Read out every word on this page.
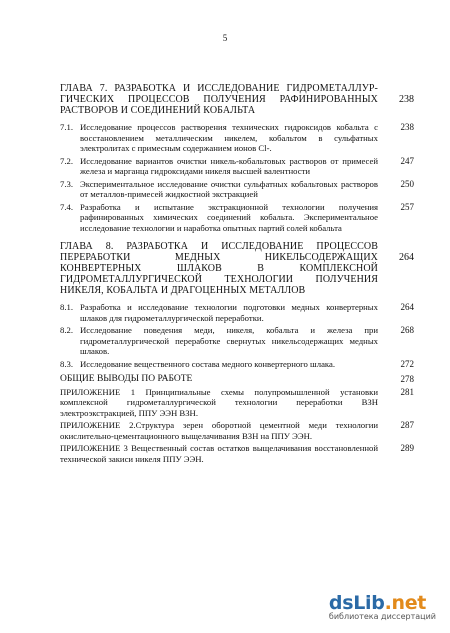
5
ГЛАВА 7. РАЗРАБОТКА И ИССЛЕДОВАНИЕ ГИДРОМЕТАЛЛУР-ГИЧЕСКИХ ПРОЦЕССОВ ПОЛУЧЕНИЯ РАФИНИРОВАННЫХ РАСТВОРОВ И СОЕДИНЕНИЙ КОБАЛЬТА
238
7.1. Исследование процессов растворения технических гидроксидов кобальта с восстановлением металлическим никелем, кобальтом в сульфатных электролитах с примесным содержанием ионов Сl-.
238
7.2. Исследование вариантов очистки никель-кобальтовых растворов от примесей железа и марганца гидроксидами никеля высшей валентности
247
7.3. Экспериментальное исследование очистки сульфатных кобальтовых растворов от металлов-примесей жидкостной экстракцией
250
7.4. Разработка и испытание экстракционной технологии получения рафинированных химических соединений кобальта. Экспериментальное исследование технологии и наработка опытных партий солей кобальта
257
ГЛАВА 8. РАЗРАБОТКА И ИССЛЕДОВАНИЕ ПРОЦЕССОВ ПЕРЕРАБОТКИ МЕДНЫХ НИКЕЛЬСОДЕРЖАЩИХ КОНВЕРТЕРНЫХ ШЛАКОВ В КОМПЛЕКСНОЙ ГИДРОМЕТАЛЛУРГИЧЕСКОЙ ТЕХНОЛОГИИ ПОЛУЧЕНИЯ НИКЕЛЯ, КОБАЛЬТА И ДРАГОЦЕННЫХ МЕТАЛЛОВ
264
8.1. Разработка и исследование технологии подготовки медных конвертерных шлаков для гидрометаллургической переработки.
264
8.2. Исследование поведения меди, никеля, кобальта и железа при гидрометаллургической переработке свернутых никельсодержащих медных шлаков.
268
8.3. Исследование вещественного состава медного конвертерного шлака.	272
ОБЩИЕ ВЫВОДЫ ПО РАБОТЕ	278
ПРИЛОЖЕНИЕ 1 Принципиальные схемы полупромышленной установки комплексной гидрометаллургической технологии переработки ВЗН электроэкстракцией, ППУ ЭЭН ВЗН.
281
ПРИЛОЖЕНИЕ 2.Структура зерен оборотной цементной меди технологии окислительно-цементационного выщелачивания ВЗН на ППУ ЭЭН.
287
ПРИЛОЖЕНИЕ 3 Вещественный состав остатков выщелачивания восстановленной технической закиси никеля ППУ ЭЭН.
289
dsLib.net
библиотека диссертаций
